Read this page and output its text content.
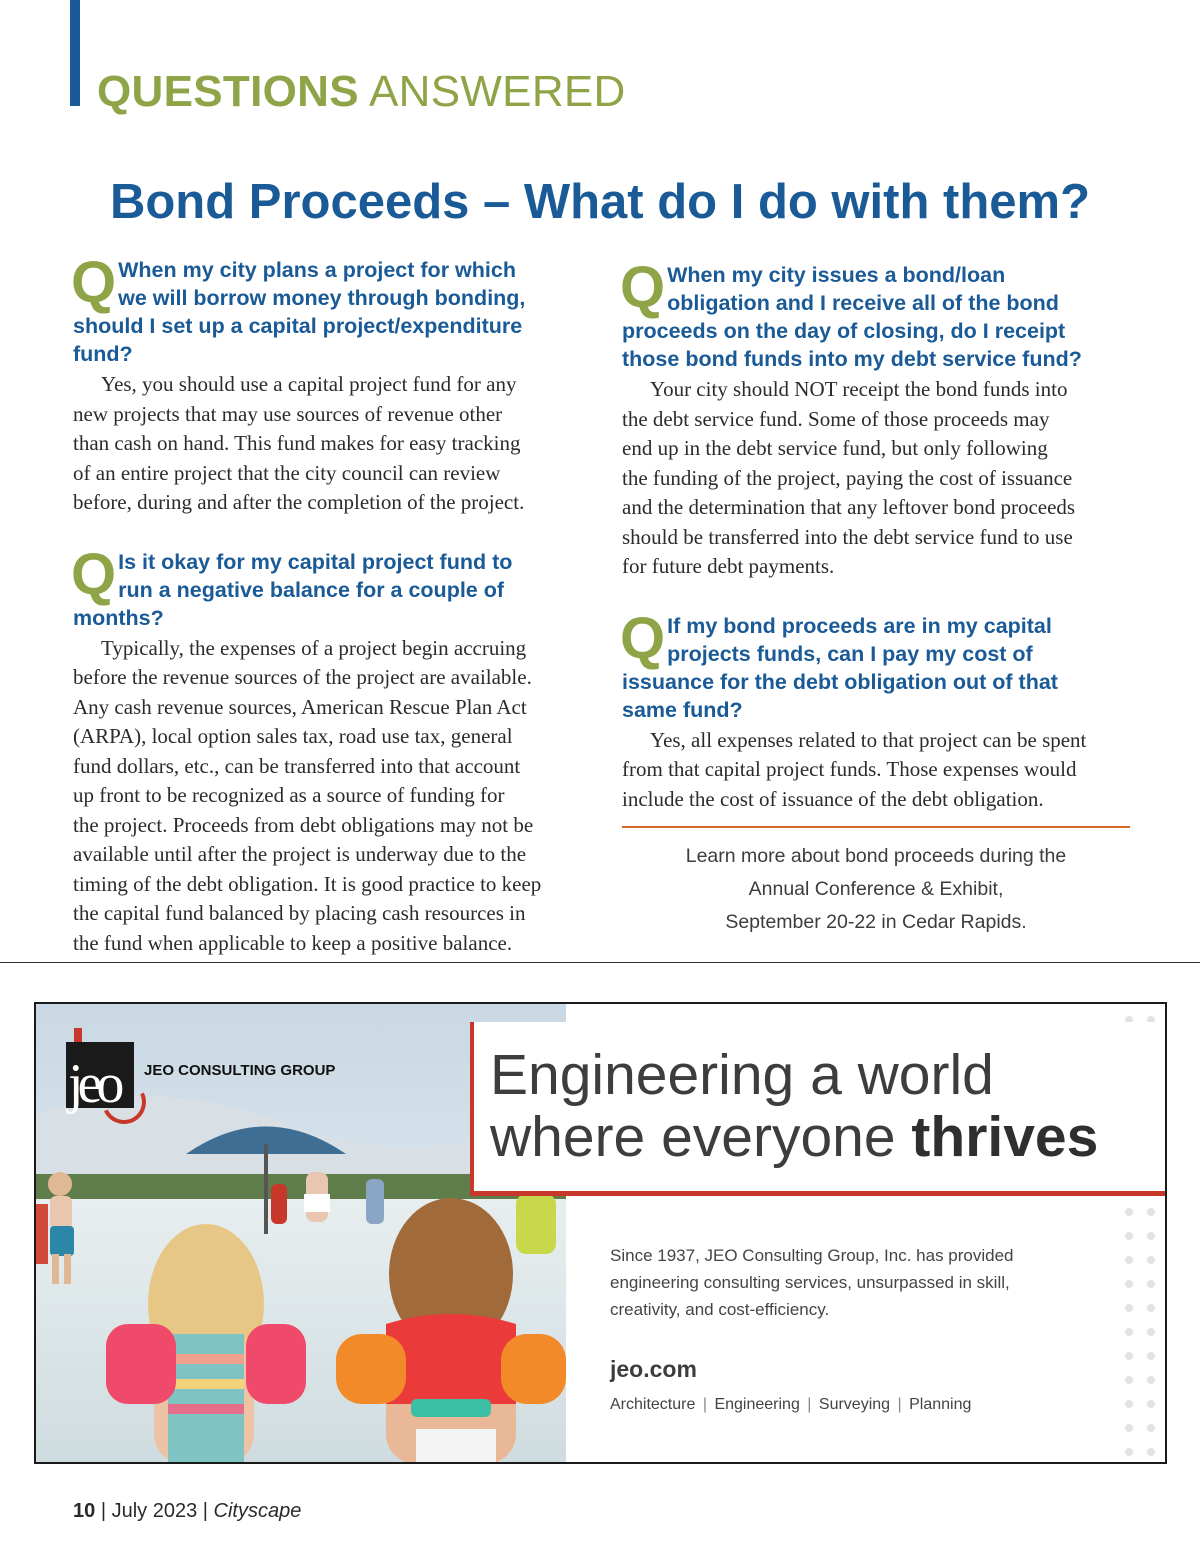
QUESTIONS ANSWERED
Bond Proceeds – What do I do with them?
Q When my city plans a project for which
we will borrow money through bonding,
should I set up a capital project/expenditure
fund?
Yes, you should use a capital project fund for any
new projects that may use sources of revenue other
than cash on hand. This fund makes for easy tracking
of an entire project that the city council can review
before, during and after the completion of the project.
Q Is it okay for my capital project fund to
run a negative balance for a couple of
months?
Typically, the expenses of a project begin accruing
before the revenue sources of the project are available.
Any cash revenue sources, American Rescue Plan Act
(ARPA), local option sales tax, road use tax, general
fund dollars, etc., can be transferred into that account
up front to be recognized as a source of funding for
the project. Proceeds from debt obligations may not be
available until after the project is underway due to the
timing of the debt obligation. It is good practice to keep
the capital fund balanced by placing cash resources in
the fund when applicable to keep a positive balance.
Q When my city issues a bond/loan
obligation and I receive all of the bond
proceeds on the day of closing, do I receipt
those bond funds into my debt service fund?
Your city should NOT receipt the bond funds into
the debt service fund. Some of those proceeds may
end up in the debt service fund, but only following
the funding of the project, paying the cost of issuance
and the determination that any leftover bond proceeds
should be transferred into the debt service fund to use
for future debt payments.
Q If my bond proceeds are in my capital
projects funds, can I pay my cost of
issuance for the debt obligation out of that
same fund?
Yes, all expenses related to that project can be spent
from that capital project funds. Those expenses would
include the cost of issuance of the debt obligation.
Learn more about bond proceeds during the
Annual Conference & Exhibit,
September 20-22 in Cedar Rapids.
jeo JEO CONSULTING GROUP	Engineering a world
where everyone thrives
Since 1937, JEO Consulting Group, Inc. has provided
engineering consulting services, unsurpassed in skill,
creativity, and cost-efficiency.
jeo.com
Architecture | Engineering | Surveying | Planning
10 | July 2023 | Cityscape
